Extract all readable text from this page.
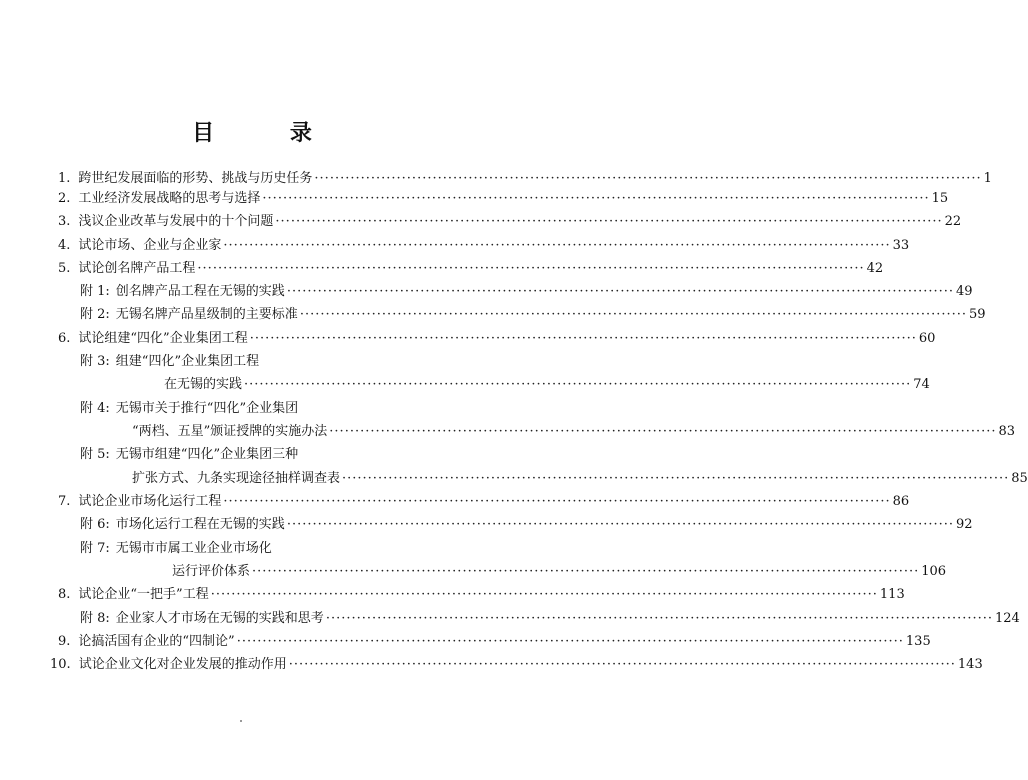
目 录
1. 跨世纪发展面临的形势、挑战与历史任务 ·····	1
2. 工业经济发展战略的思考与选择 ·····	15
3. 浅议企业改革与发展中的十个问题 ·····	22
4. 试论市场、企业与企业家 ·····	33
5. 试论创名牌产品工程 ·····	42
附 1: 创名牌产品工程在无锡的实践 ·····	49
附 2: 无锡名牌产品星级制的主要标准 ·····	59
6. 试论组建“四化”企业集团工程 ·····	60
附 3: 组建“四化”企业集团工程
在无锡的实践 ·····	74
附 4: 无锡市关于推行“四化”企业集团
“两档、五星”颁证授牌的实施办法 ·····	83
附 5: 无锡市组建“四化”企业集团三种
扩张方式、九条实现途径抽样调查表 ·····	85
7. 试论企业市场化运行工程 ·····	86
附 6: 市场化运行工程在无锡的实践 ·····	92
附 7: 无锡市市属工业企业市场化
运行评价体系 ·····	106
8. 试论企业“一把手”工程 ·····	113
附 8: 企业家人才市场在无锡的实践和思考 ·····	124
9. 论搞活国有企业的“四制论” ·····	135
10. 试论企业文化对企业发展的推动作用 ·····	143
